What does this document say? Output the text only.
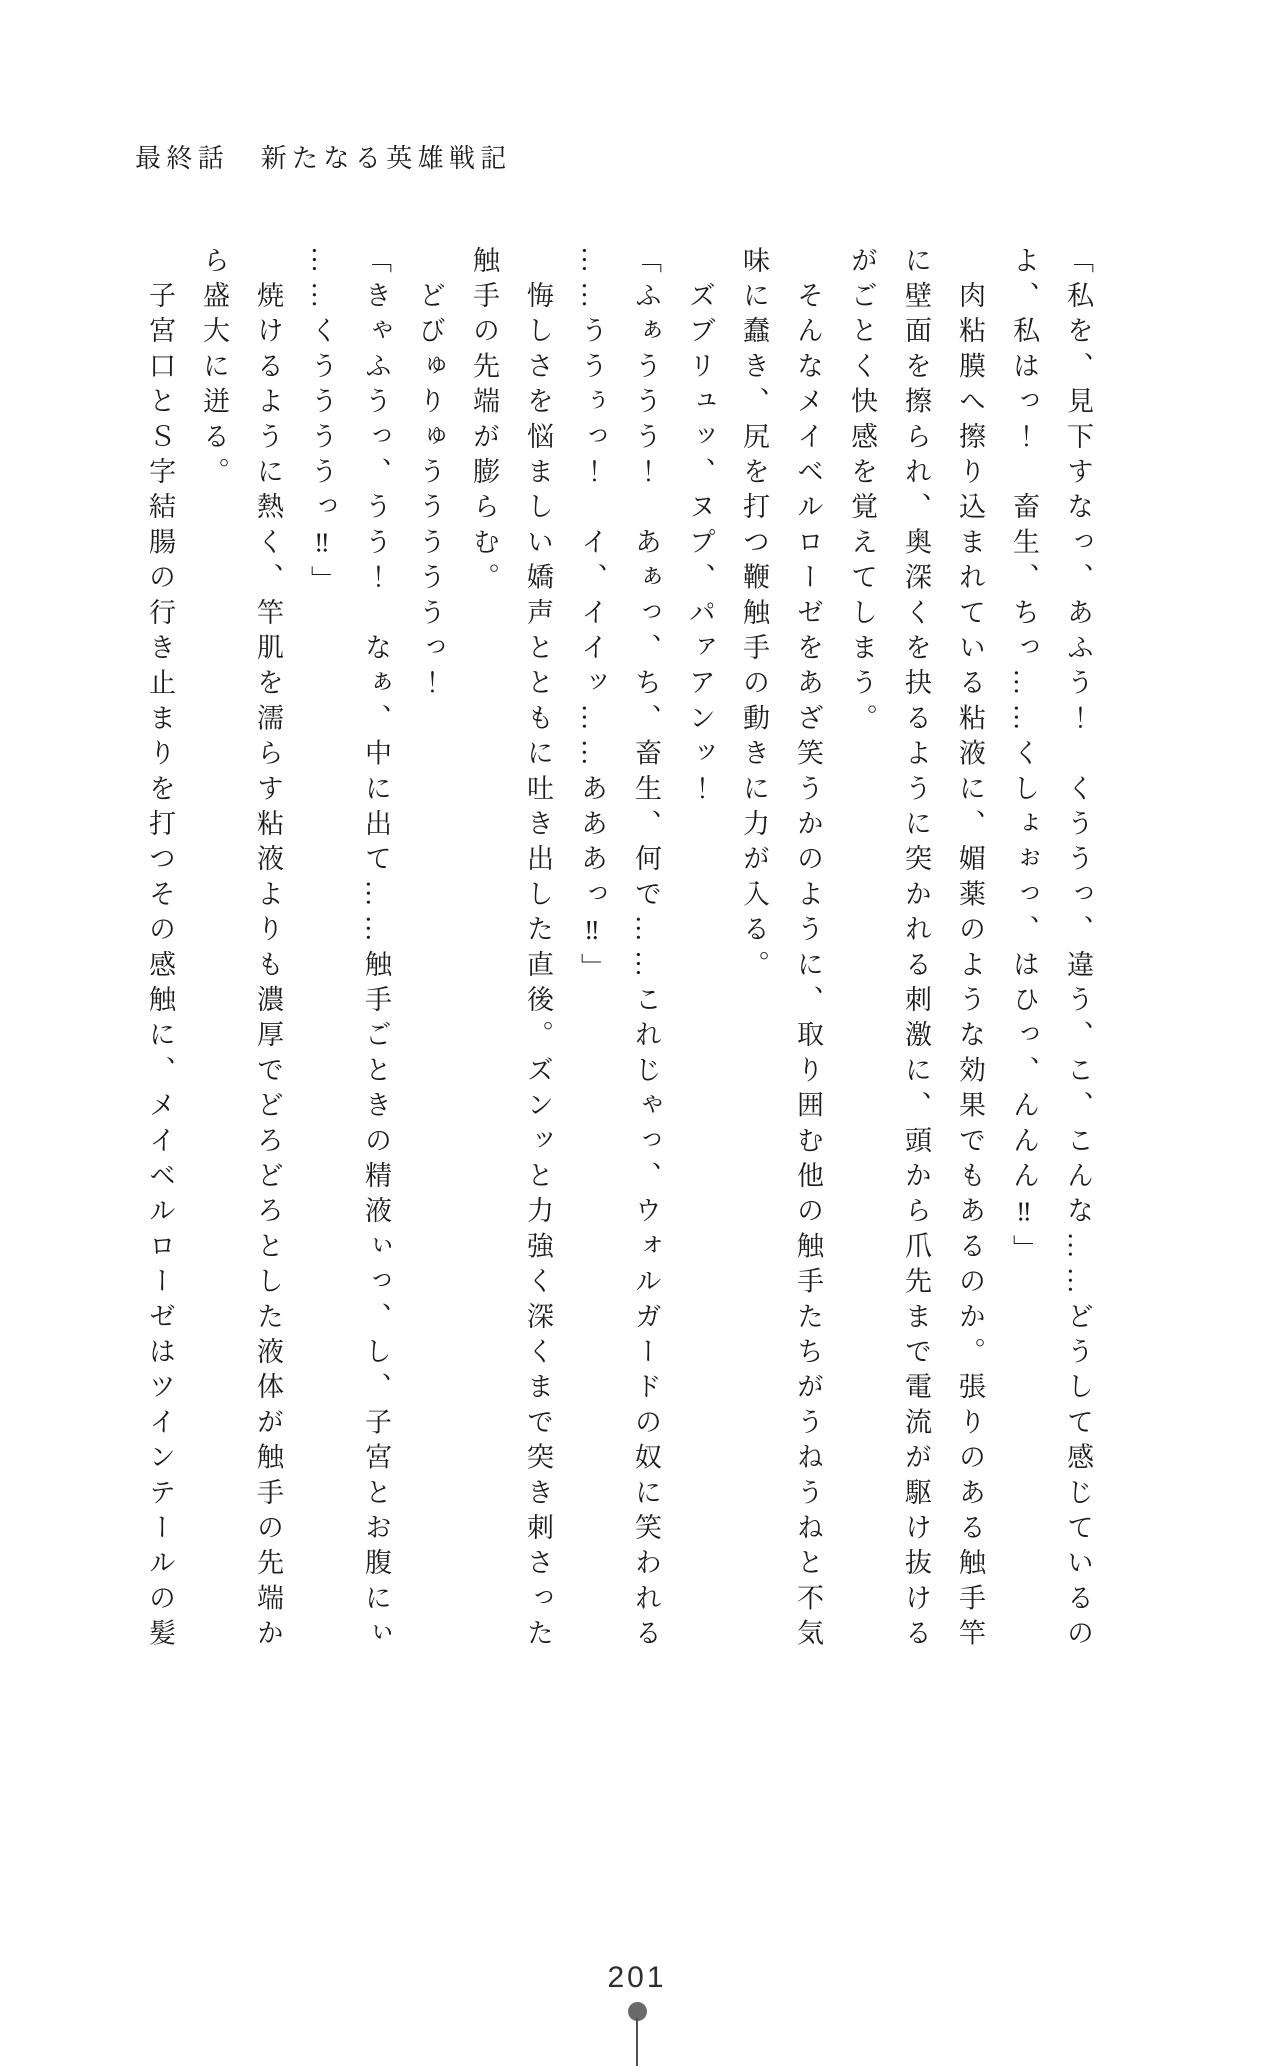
最終話　新たなる英雄戦記

「私を、見下すなっ、あふう！　くううっ、違う、こ、こんな……どうして感じているの

よ、私はっ！　畜生、ちっ……くしょぉっ、はひっ、んんん‼」

　肉粘膜へ擦り込まれている粘液に、媚薬のような効果でもあるのか。張りのある触手竿

に壁面を擦られ、奥深くを抉るように突かれる刺激に、頭から爪先まで電流が駆け抜ける

がごとく快感を覚えてしまう。

　そんなメイベルローゼをあざ笑うかのように、取り囲む他の触手たちがうねうねと不気

味に蠢き、尻を打つ鞭触手の動きに力が入る。

　ズブリュッ、ヌプ、パァアンッ！

「ふぁううう！　あぁっ、ち、畜生、何で……これじゃっ、ウォルガードの奴に笑われる

……ううぅっ！　イ、イイッ……あああっ‼」

　悔しさを悩ましい嬌声とともに吐き出した直後。ズンッと力強く深くまで突き刺さった

触手の先端が膨らむ。

　どびゅりゅうううううっ！

「きゃふうっ、うう！　なぁ、中に出て……触手ごときの精液ぃっ、し、子宮とお腹にぃ

……くううううっ‼」

　焼けるように熱く、竿肌を濡らす粘液よりも濃厚でどろどろとした液体が触手の先端か

ら盛大に迸る。

　子宮口とＳ字結腸の行き止まりを打つその感触に、メイベルローゼはツインテールの髪

201
